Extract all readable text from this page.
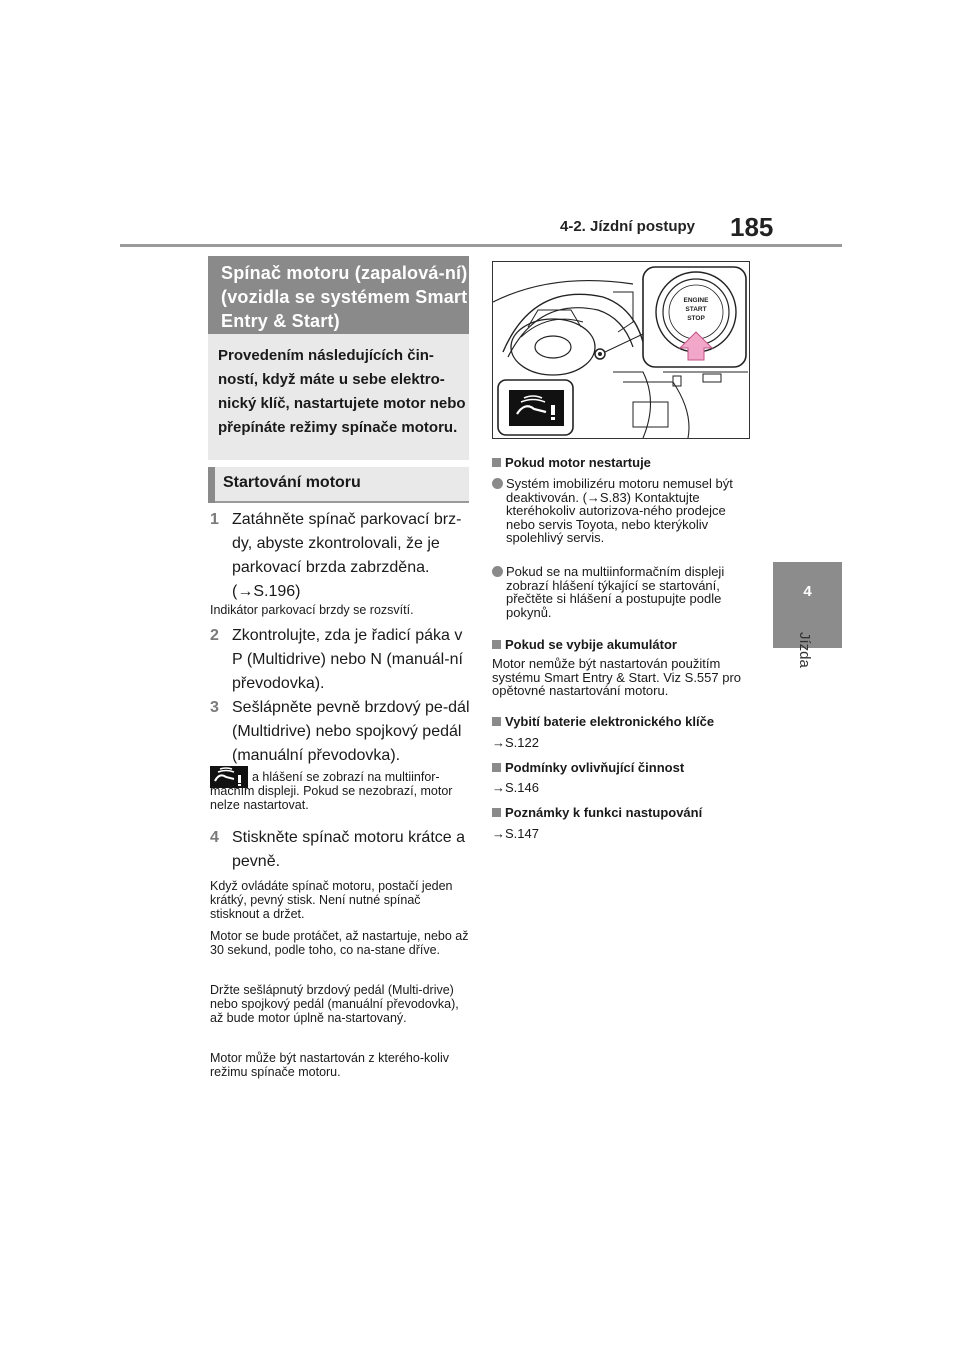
4-2. Jízdní postupy 185
4
Jízda
Spínač motoru (zapalová-ní) (vozidla se systémem Smart Entry & Start)
Provedením následujících čin-ností, když máte u sebe elektro-nický klíč, nastartujete motor nebo přepínáte režimy spínače motoru.
Startování motoru
1 Zatáhněte spínač parkovací brz-dy, abyste zkontrolovali, že je parkovací brzda zabrzděna. (→S.196)
Indikátor parkovací brzdy se rozsvítí.
2 Zkontrolujte, zda je řadicí páka v P (Multidrive) nebo N (manuál-ní převodovka).
3 Sešlápněte pevně brzdový pe-dál (Multidrive) nebo spojkový pedál (manuální převodovka).
a hlášení se zobrazí na multiinfor-mačním displeji. Pokud se nezobrazí, motor nelze nastartovat.
4 Stiskněte spínač motoru krátce a pevně.
Když ovládáte spínač motoru, postačí jeden krátký, pevný stisk. Není nutné spínač stisknout a držet.
Motor se bude protáčet, až nastartuje, nebo až 30 sekund, podle toho, co na-stane dříve.
Držte sešlápnutý brzdový pedál (Multi-drive) nebo spojkový pedál (manuální převodovka), až bude motor úplně na-startovaný.
Motor může být nastartován z kterého-koliv režimu spínače motoru.
ENGINE
START
STOP
Pokud motor nestartuje
Systém imobilizéru motoru nemusel být deaktivován. (→S.83) Kontaktujte kteréhokoliv autorizova-ného prodejce nebo servis Toyota, nebo kterýkoliv spolehlivý servis.
Pokud se na multiinformačním displeji zobrazí hlášení týkající se startování, přečtěte si hlášení a postupujte podle pokynů.
Pokud se vybije akumulátor
Motor nemůže být nastartován použitím systému Smart Entry & Start. Viz S.557 pro opětovné nastartování motoru.
Vybití baterie elektronického klíče
→S.122
Podmínky ovlivňující činnost
→S.146
Poznámky k funkci nastupování
→S.147
